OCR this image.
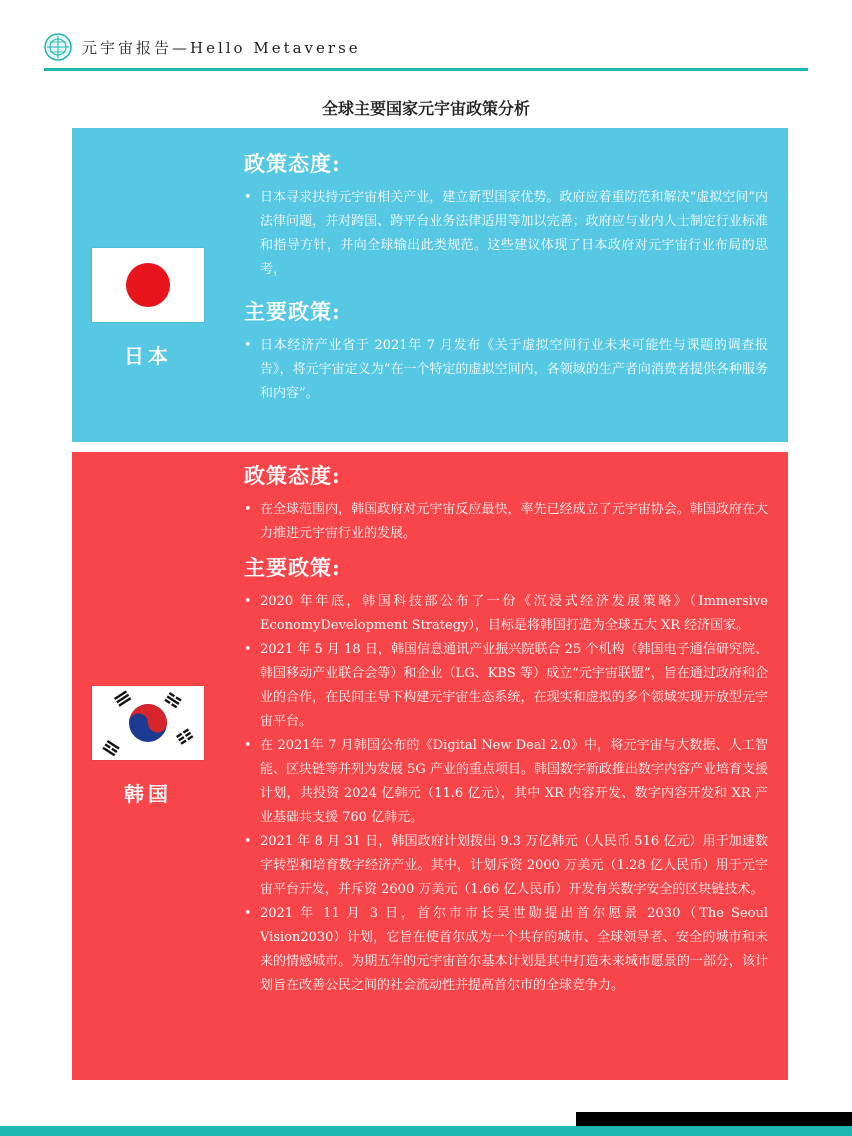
元宇宙报告—Hello Metaverse
全球主要国家元宇宙政策分析
日本
政策态度:
• 日本寻求扶持元宇宙相关产业，建立新型国家优势。政府应着重防范和解决“虚拟空间”内法律问题，并对跨国、跨平台业务法律适用等加以完善；政府应与业内人士制定行业标准和指导方针，并向全球输出此类规范。这些建议体现了日本政府对元宇宙行业布局的思考，
主要政策:
• 日本经济产业省于 2021年 7 月发布《关于虚拟空间行业未来可能性与课题的调查报告》，将元宇宙定义为“在一个特定的虚拟空间内，各领域的生产者向消费者提供各种服务和内容”。
韩国
政策态度:
• 在全球范围内，韩国政府对元宇宙反应最快，率先已经成立了元宇宙协会。韩国政府在大力推进元宇宙行业的发展。
主要政策:
• 2020 年年底，韩国科技部公布了一份《沉浸式经济发展策略》（Immersive EconomyDevelopment Strategy），目标是将韩国打造为全球五大 XR 经济国家。
• 2021 年 5 月 18 日，韩国信息通讯产业振兴院联合 25 个机构（韩国电子通信研究院、韩国移动产业联合会等）和企业（LG、KBS 等）成立“元宇宙联盟”，旨在通过政府和企业的合作，在民间主导下构建元宇宙生态系统，在现实和虚拟的多个领域实现开放型元宇宙平台。
• 在 2021年 7 月韩国公布的《Digital New Deal 2.0》中，将元宇宙与大数据、人工智能、区块链等并列为发展 5G 产业的重点项目。韩国数字新政推出数字内容产业培育支援计划，共投资 2024 亿韩元（11.6 亿元），其中 XR 内容开发、数字内容开发和 XR 产业基础共支援 760 亿韩元。
• 2021 年 8 月 31 日，韩国政府计划拨出 9.3 万亿韩元（人民币 516 亿元）用于加速数字转型和培育数字经济产业。其中，计划斥资 2000 万美元（1.28 亿人民币）用于元宇宙平台开发，并斥资 2600 万美元（1.66 亿人民币）开发有关数字安全的区块链技术。
• 2021 年 11 月 3 日，首尔市市长吴世勋提出首尔愿景 2030（The Seoul Vision2030）计划，它旨在使首尔成为一个共存的城市、全球领导者、安全的城市和未来的情感城市。为期五年的元宇宙首尔基本计划是其中打造未来城市愿景的一部分，该计划旨在改善公民之间的社会流动性并提高首尔市的全球竞争力。
